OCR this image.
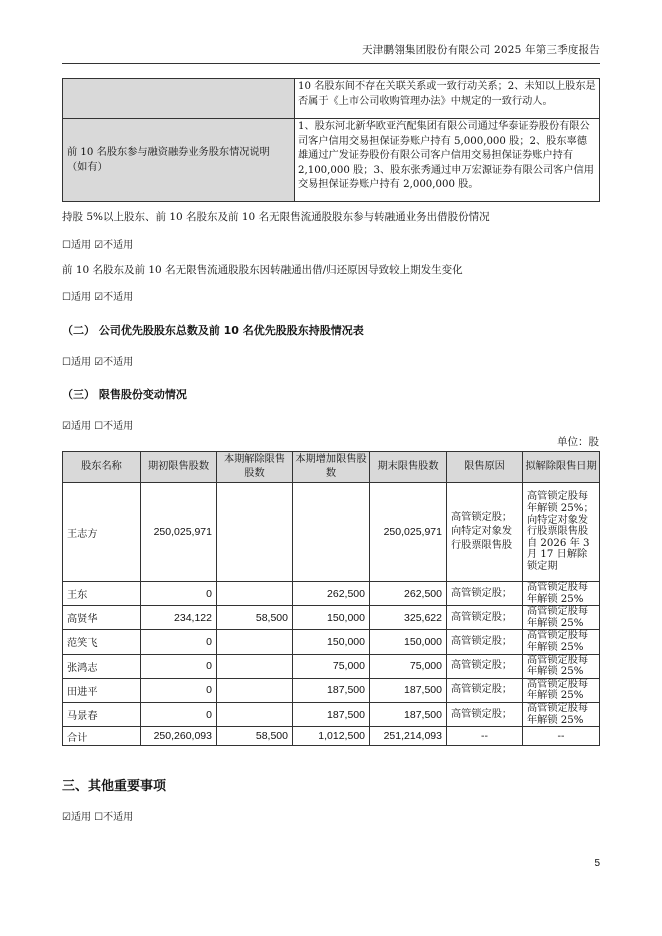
天津鹏翎集团股份有限公司 2025 年第三季度报告
	10 名股东间不存在关联关系或一致行动关系；2、未知以上股东是否属于《上市公司收购管理办法》中规定的一致行动人。
前 10 名股东参与融资融券业务股东情况说明（如有）	1、股东河北新华欧亚汽配集团有限公司通过华泰证券股份有限公司客户信用交易担保证券账户持有 5,000,000 股；2、股东辜德雄通过广发证券股份有限公司客户信用交易担保证券账户持有 2,100,000 股；3、股东张秀通过申万宏源证券有限公司客户信用交易担保证券账户持有 2,000,000 股。
持股 5%以上股东、前 10 名股东及前 10 名无限售流通股股东参与转融通业务出借股份情况
☐适用 ☑不适用
前 10 名股东及前 10 名无限售流通股股东因转融通出借/归还原因导致较上期发生变化
☐适用 ☑不适用
（二） 公司优先股股东总数及前 10 名优先股股东持股情况表
☐适用 ☑不适用
（三） 限售股份变动情况
☑适用 ☐不适用
单位：股
股东名称	期初限售股数	本期解除限售股数	本期增加限售股数	期末限售股数	限售原因	拟解除限售日期
王志方	250,025,971			250,025,971	高管锁定股；向特定对象发行股票限售股	高管锁定股每年解锁 25%；向特定对象发行股票限售股自 2026 年 3 月 17 日解除锁定期
王东	0		262,500	262,500	高管锁定股；	高管锁定股每年解锁 25%
高贤华	234,122	58,500	150,000	325,622	高管锁定股；	高管锁定股每年解锁 25%
范笑飞	0		150,000	150,000	高管锁定股；	高管锁定股每年解锁 25%
张鸿志	0		75,000	75,000	高管锁定股；	高管锁定股每年解锁 25%
田进平	0		187,500	187,500	高管锁定股；	高管锁定股每年解锁 25%
马景春	0		187,500	187,500	高管锁定股；	高管锁定股每年解锁 25%
合计	250,260,093	58,500	1,012,500	251,214,093	--	--
三、其他重要事项
☑适用 ☐不适用
5
